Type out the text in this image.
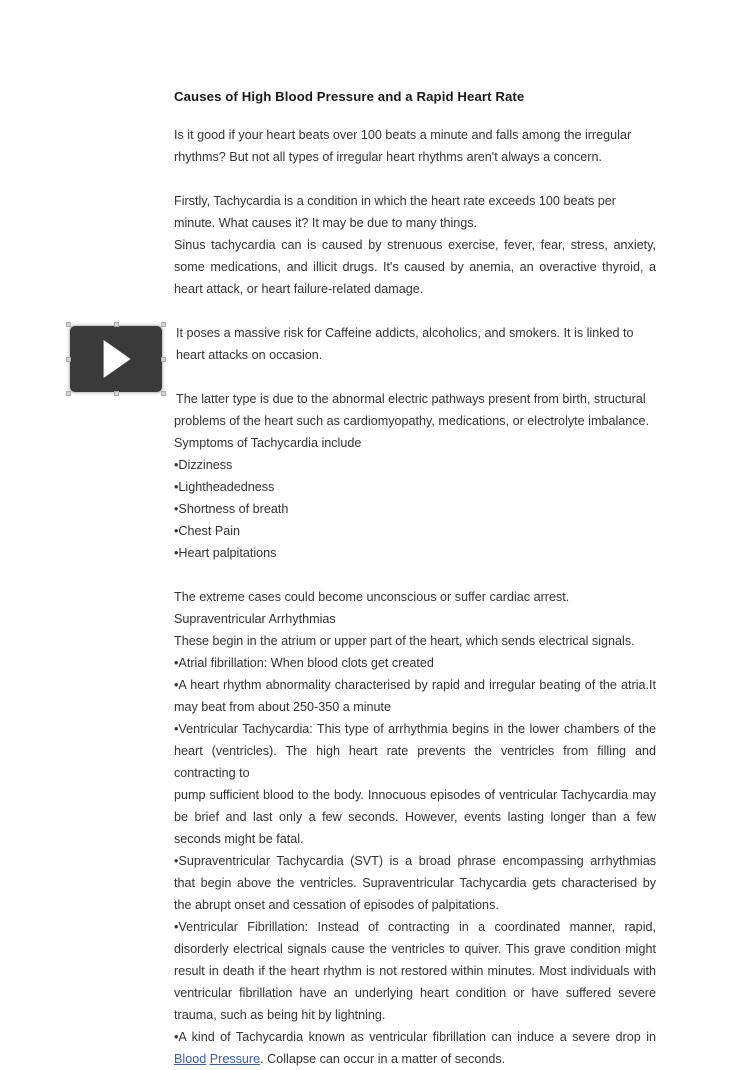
Causes of High Blood Pressure and a Rapid Heart Rate

Is it good if your heart beats over 100 beats a minute and falls among the irregular rhythms? But not all types of irregular heart rhythms aren't always a concern.

Firstly, Tachycardia is a condition in which the heart rate exceeds 100 beats per minute. What causes it? It may be due to many things.

Sinus tachycardia can is caused by strenuous exercise, fever, fear, stress, anxiety, some medications, and illicit drugs. It's caused by anemia, an overactive thyroid, a heart attack, or heart failure-related damage.

It poses a massive risk for Caffeine addicts, alcoholics, and smokers. It is linked to heart attacks on occasion.

The latter type is due to the abnormal electric pathways present from birth, structural problems of the heart such as cardiomyopathy, medications, or electrolyte imbalance.

Symptoms of Tachycardia include

•Dizziness

•Lightheadedness

•Shortness of breath

•Chest Pain

•Heart palpitations

The extreme cases could become unconscious or suffer cardiac arrest.

Supraventricular Arrhythmias

These begin in the atrium or upper part of the heart, which sends electrical signals.

•Atrial fibrillation: When blood clots get created

•A heart rhythm abnormality characterised by rapid and irregular beating of the atria.It may beat from about 250-350 a minute

•Ventricular Tachycardia: This type of arrhythmia begins in the lower chambers of the heart (ventricles). The high heart rate prevents the ventricles from filling and contracting to

pump sufficient blood to the body. Innocuous episodes of ventricular Tachycardia may be brief and last only a few seconds. However, events lasting longer than a few seconds might be fatal.

•Supraventricular Tachycardia (SVT) is a broad phrase encompassing arrhythmias that begin above the ventricles. Supraventricular Tachycardia gets characterised by the abrupt onset and cessation of episodes of palpitations.

•Ventricular Fibrillation: Instead of contracting in a coordinated manner, rapid, disorderly electrical signals cause the ventricles to quiver. This grave condition might result in death if the heart rhythm is not restored within minutes. Most individuals with ventricular fibrillation have an underlying heart condition or have suffered severe trauma, such as being hit by lightning.

•A kind of Tachycardia known as ventricular fibrillation can induce a severe drop in Blood Pressure. Collapse can occur in a matter of seconds.
